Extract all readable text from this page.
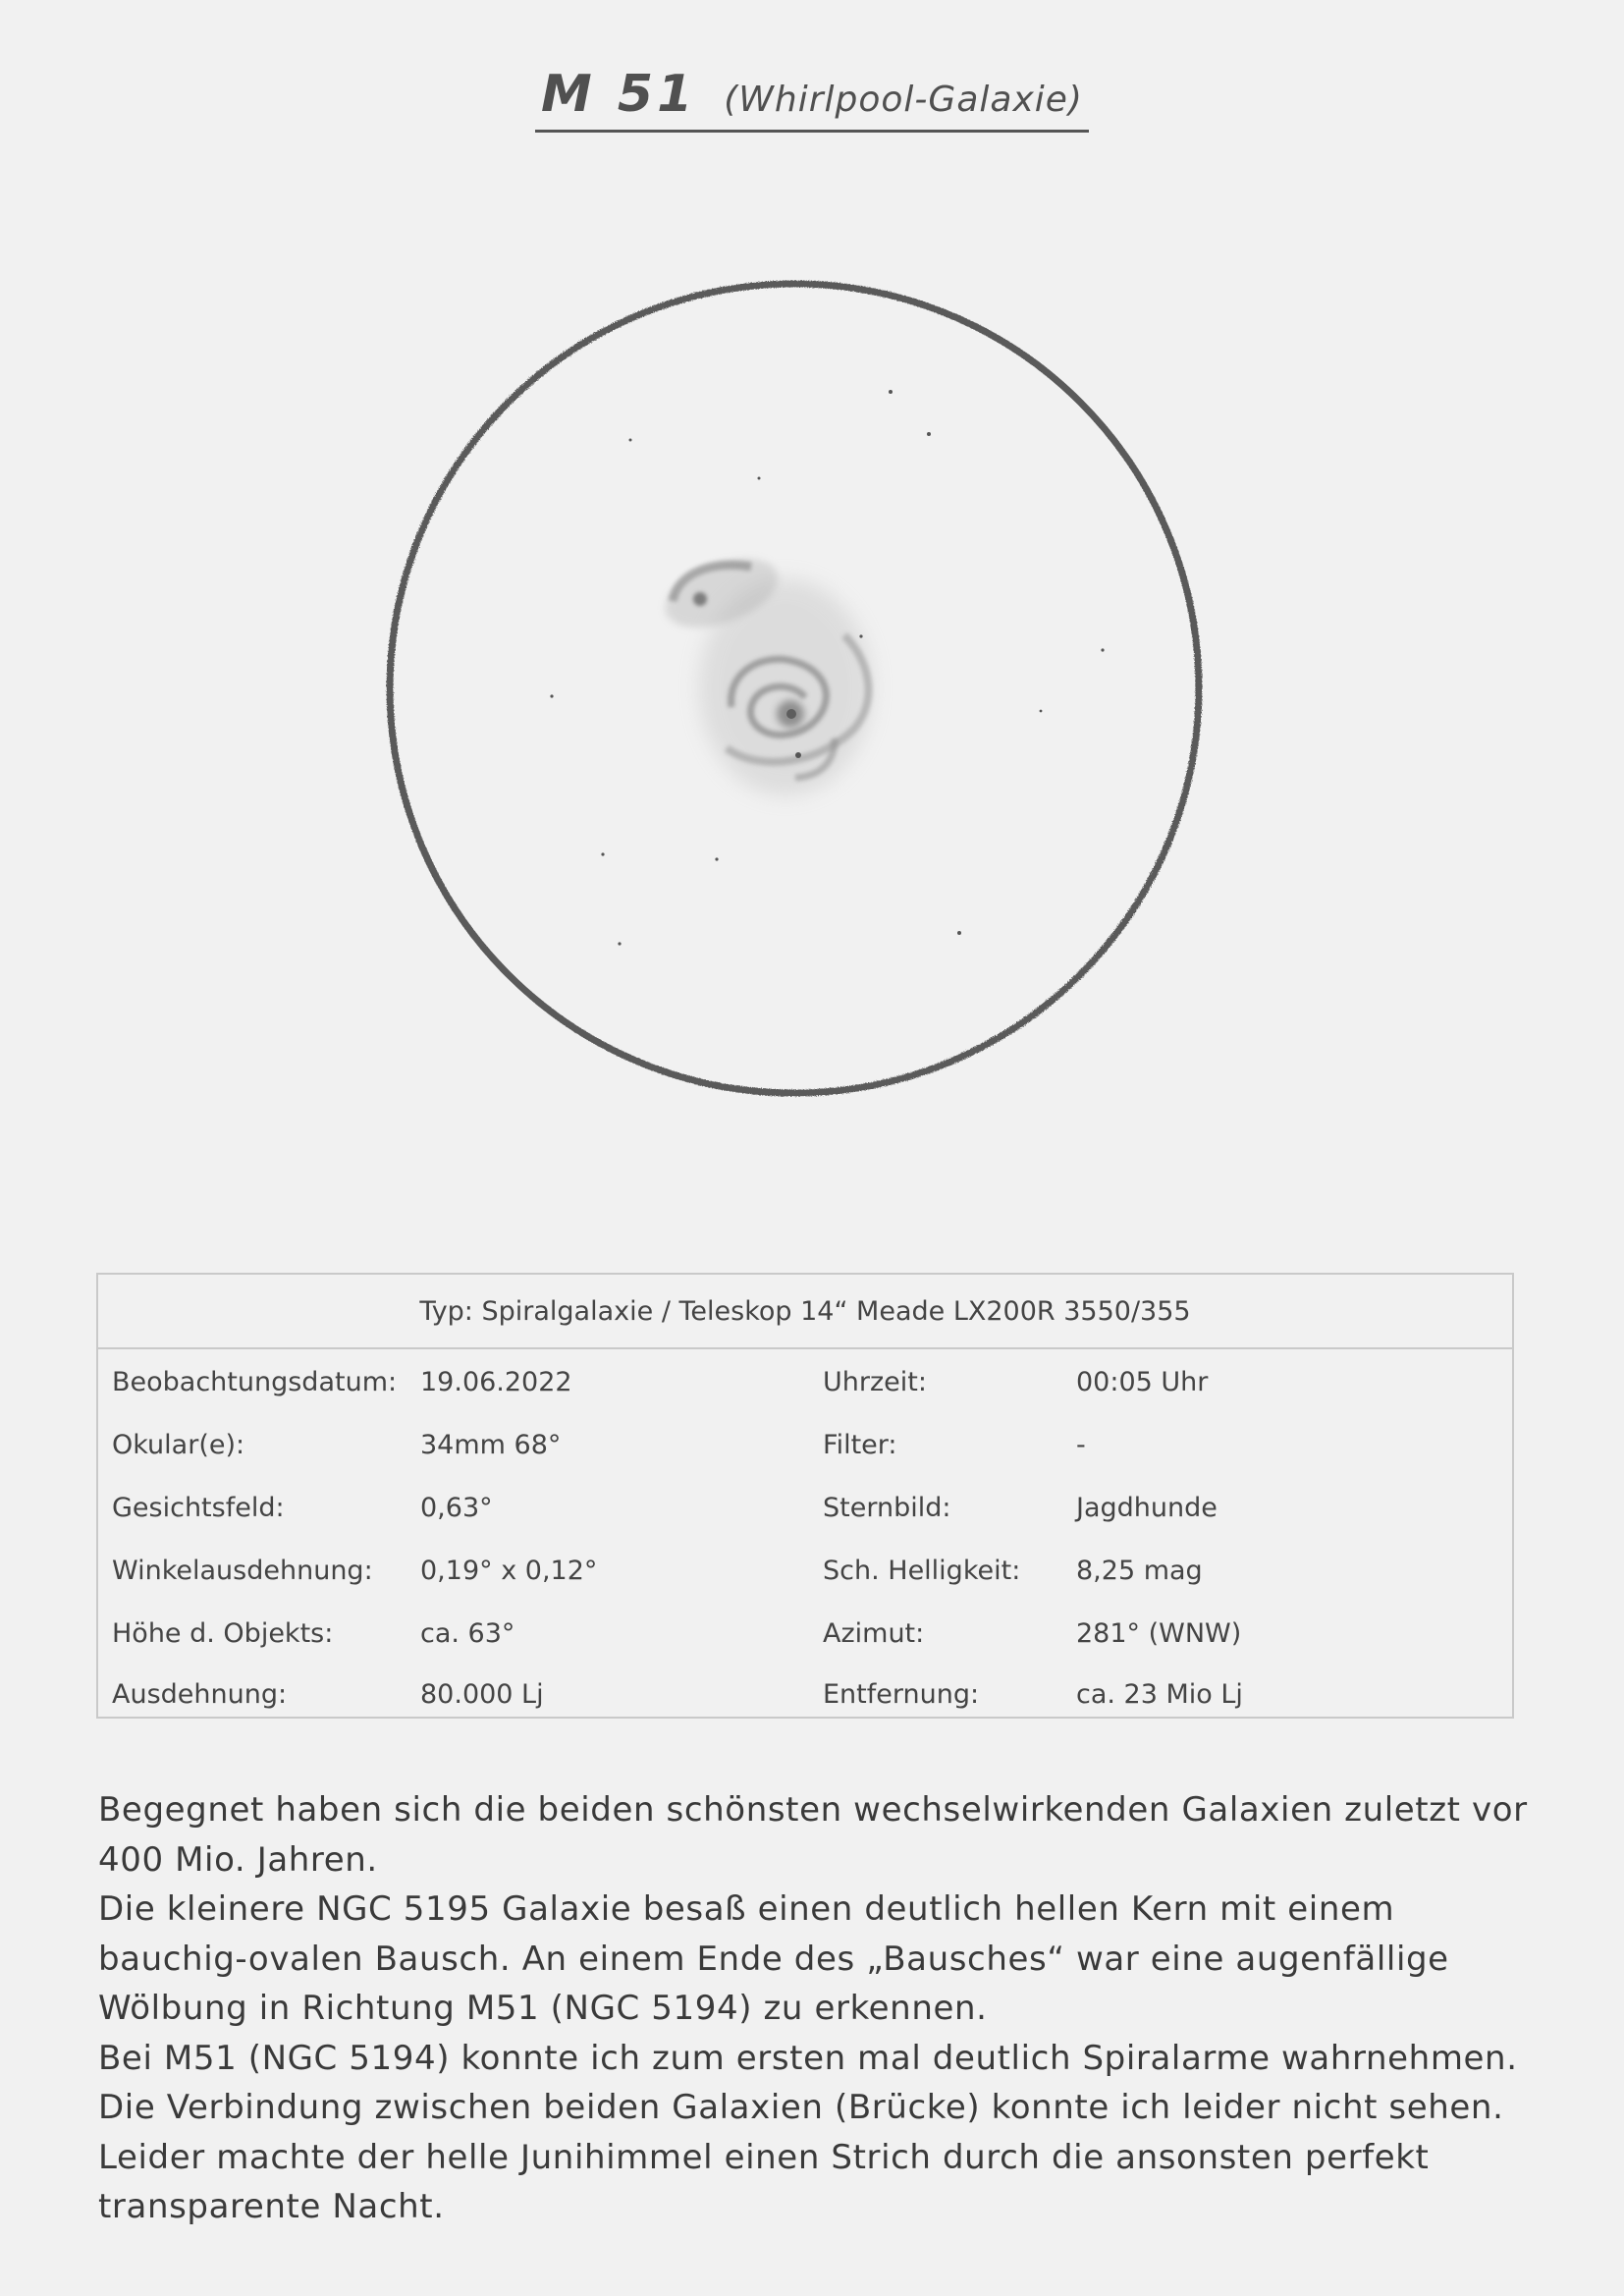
M 51 (Whirlpool-Galaxie)
Typ: Spiralgalaxie / Teleskop 14“ Meade LX200R 3550/355
Beobachtungsdatum: 19.06.2022	Uhrzeit:	00:05 Uhr
Okular(e):	34mm 68°	Filter:	-
Gesichtsfeld:	0,63°	Sternbild:	Jagdhunde
Winkelausdehnung: 0,19° x 0,12°	Sch. Helligkeit: 8,25 mag
Höhe d. Objekts:	ca. 63°	Azimut:	281° (WNW)
Ausdehnung:	80.000 Lj	Entfernung:	ca. 23 Mio Lj
Begegnet haben sich die beiden schönsten wechselwirkenden Galaxien zuletzt vor
400 Mio. Jahren.
Die kleinere NGC 5195 Galaxie besaß einen deutlich hellen Kern mit einem
bauchig-ovalen Bausch. An einem Ende des „Bausches“ war eine augenfällige
Wölbung in Richtung M51 (NGC 5194) zu erkennen.
Bei M51 (NGC 5194) konnte ich zum ersten mal deutlich Spiralarme wahrnehmen.
Die Verbindung zwischen beiden Galaxien (Brücke) konnte ich leider nicht sehen.
Leider machte der helle Junihimmel einen Strich durch die ansonsten perfekt
transparente Nacht.
